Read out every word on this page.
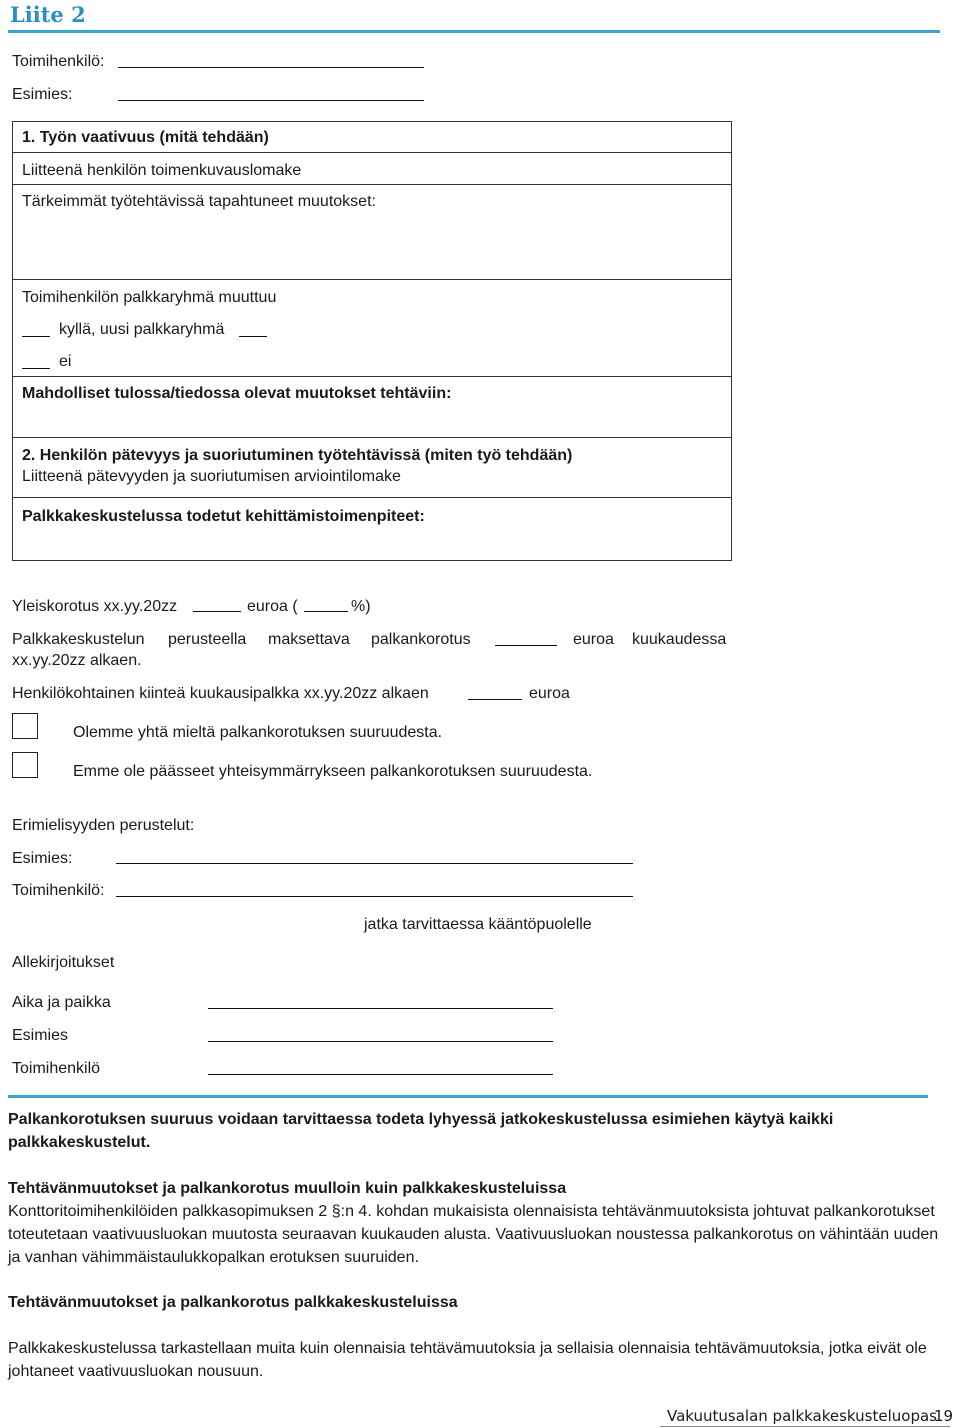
Liite 2
Toimihenkilö:
Esimies:
1. Työn vaativuus (mitä tehdään)
Liitteenä henkilön toimenkuvauslomake
Tärkeimmät työtehtävissä tapahtuneet muutokset:
Toimihenkilön palkkaryhmä muuttuu
kyllä, uusi palkkaryhmä
ei
Mahdolliset tulossa/tiedossa olevat muutokset tehtäviin:
2. Henkilön pätevyys ja suoriutuminen työtehtävissä (miten työ tehdään)
Liitteenä pätevyyden ja suoriutumisen arviointilomake
Palkkakeskustelussa todetut kehittämistoimenpiteet:
Yleiskorotus xx.yy.20zz	euroa (	%)
Palkkakeskustelun perusteella maksettava palkankorotus	euroa kuukaudessa
xx.yy.20zz alkaen.
Henkilökohtainen kiinteä kuukausipalkka xx.yy.20zz alkaen	euroa
Olemme yhtä mieltä palkankorotuksen suuruudesta.
Emme ole päässeet yhteisymmärrykseen palkankorotuksen suuruudesta.
Erimielisyyden perustelut:
Esimies:
Toimihenkilö:
jatka tarvittaessa kääntöpuolelle
Allekirjoitukset
Aika ja paikka
Esimies
Toimihenkilö
Palkankorotuksen suuruus voidaan tarvittaessa todeta lyhyessä jatkokeskustelussa esimiehen käytyä kaikki palkkakeskustelut.
Tehtävänmuutokset ja palkankorotus muulloin kuin palkkakeskusteluissa
Konttoritoimihenkilöiden palkkasopimuksen 2 §:n 4. kohdan mukaisista olennaisista tehtävänmuutoksista johtuvat palkankorotukset toteutetaan vaativuusluokan muutosta seuraavan kuukauden alusta. Vaativuusluokan noustessa palkankorotus on vähintään uuden ja vanhan vähimmäistaulukkopalkan erotuksen suuruiden.
Tehtävänmuutokset ja palkankorotus palkkakeskusteluissa
Palkkakeskustelussa tarkastellaan muita kuin olennaisia tehtävämuutoksia ja sellaisia olennaisia tehtävämuutoksia, jotka eivät ole johtaneet vaativuusluokan nousuun.
Vakuutusalan palkkakeskusteluopas
19
